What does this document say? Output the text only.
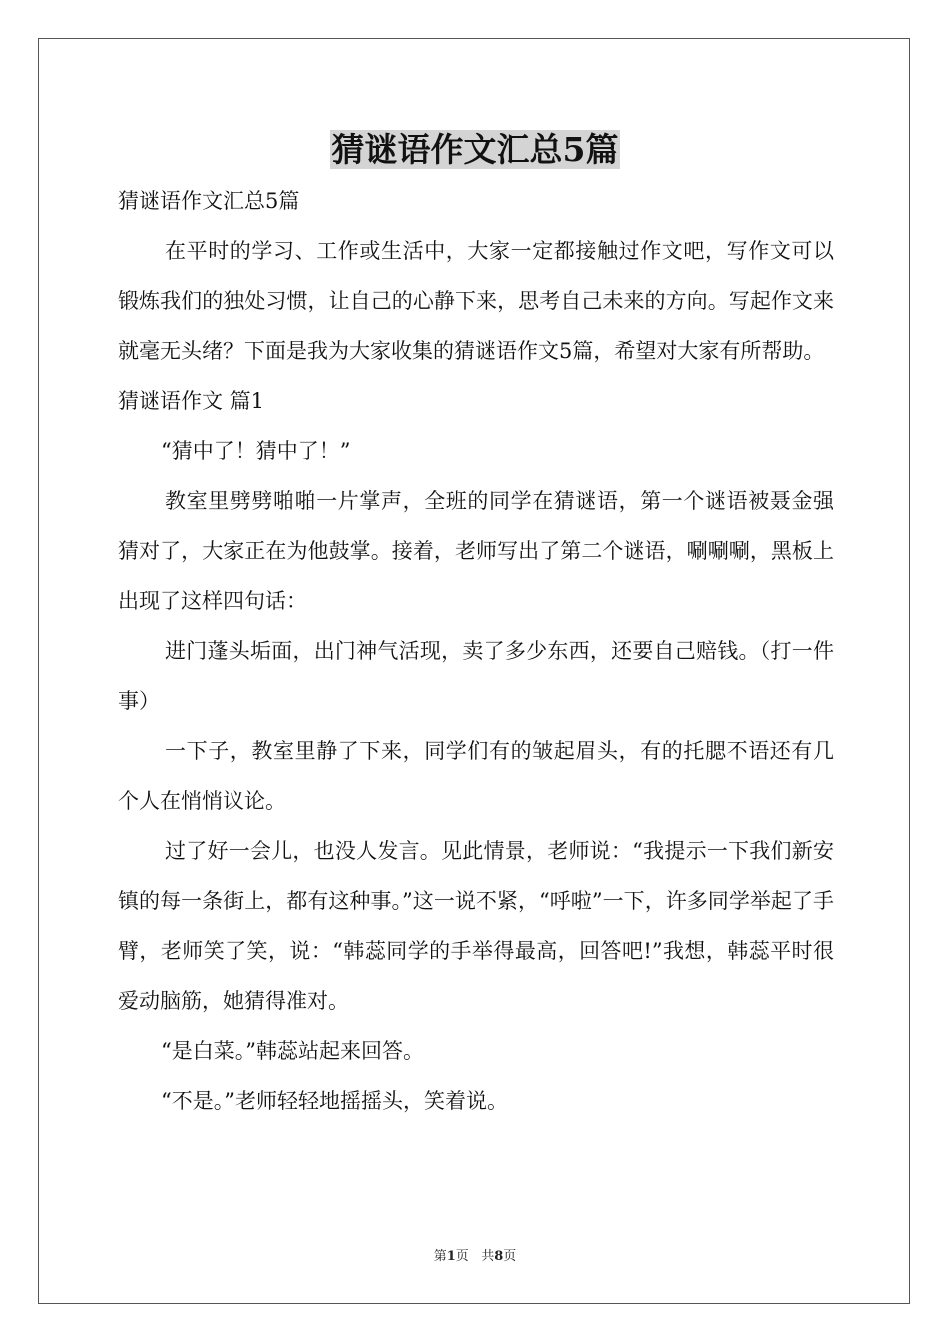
猜谜语作文汇总5篇

猜谜语作文汇总5篇

在平时的学习、工作或生活中，大家一定都接触过作文吧，写作文可以锻炼我们的独处习惯，让自己的心静下来，思考自己未来的方向。写起作文来就毫无头绪？下面是我为大家收集的猜谜语作文5篇，希望对大家有所帮助。

猜谜语作文 篇1

“猜中了！猜中了！”

教室里劈劈啪啪一片掌声，全班的同学在猜谜语，第一个谜语被聂金强猜对了，大家正在为他鼓掌。接着，老师写出了第二个谜语，唰唰唰，黑板上出现了这样四句话：

进门蓬头垢面，出门神气活现，卖了多少东西，还要自己赔钱。（打一件事）

一下子，教室里静了下来，同学们有的皱起眉头，有的托腮不语还有几个人在悄悄议论。

过了好一会儿，也没人发言。见此情景，老师说：“我提示一下我们新安镇的每一条街上，都有这种事。”这一说不紧，“呼啦”一下，许多同学举起了手臂，老师笑了笑，说：“韩蕊同学的手举得最高，回答吧!”我想，韩蕊平时很爱动脑筋，她猜得准对。

“是白菜。”韩蕊站起来回答。

“不是。”老师轻轻地摇摇头，笑着说。

第1页 共8页
